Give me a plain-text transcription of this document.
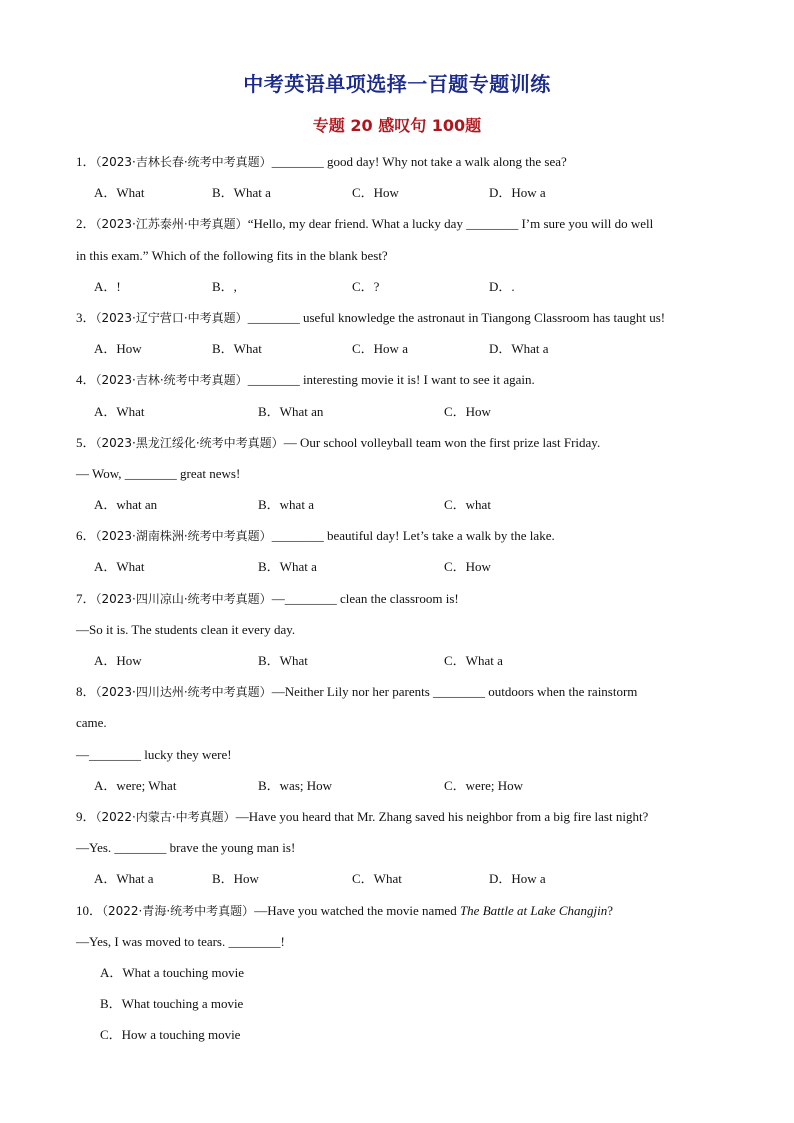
中考英语单项选择一百题专题训练
专题 20 感叹句 100题
1．（2023·吉林长春·统考中考真题）________ good day! Why not take a walk along the sea?
A．What	B．What a	C．How	D．How a
2．（2023·江苏泰州·中考真题）“Hello, my dear friend. What a lucky day ________ I’m sure you will do well
in this exam.” Which of the following fits in the blank best?
A．!	B．,	C．?	D．.
3．（2023·辽宁营口·中考真题）________ useful knowledge the astronaut in Tiangong Classroom has taught us!
A．How	B．What	C．How a	D．What a
4．（2023·吉林·统考中考真题）________ interesting movie it is! I want to see it again.
A．What	B．What an	C．How
5．（2023·黑龙江绥化·统考中考真题）— Our school volleyball team won the first prize last Friday.
— Wow, ________ great news!
A．what an	B．what a	C．what
6．（2023·湖南株洲·统考中考真题）________ beautiful day! Let’s take a walk by the lake.
A．What	B．What a	C．How
7．（2023·四川凉山·统考中考真题）—________ clean the classroom is!
—So it is. The students clean it every day.
A．How	B．What	C．What a
8．（2023·四川达州·统考中考真题）—Neither Lily nor her parents ________ outdoors when the rainstorm
came.
—________ lucky they were!
A．were; What	B．was; How	C．were; How
9．（2022·内蒙古·中考真题）—Have you heard that Mr. Zhang saved his neighbor from a big fire last night?
—Yes. ________ brave the young man is!
A．What a	B．How	C．What	D．How a
10．（2022·青海·统考中考真题）—Have you watched the movie named The Battle at Lake Changjin?
—Yes, I was moved to tears. ________!
A．What a touching movie
B．What touching a movie
C．How a touching movie
